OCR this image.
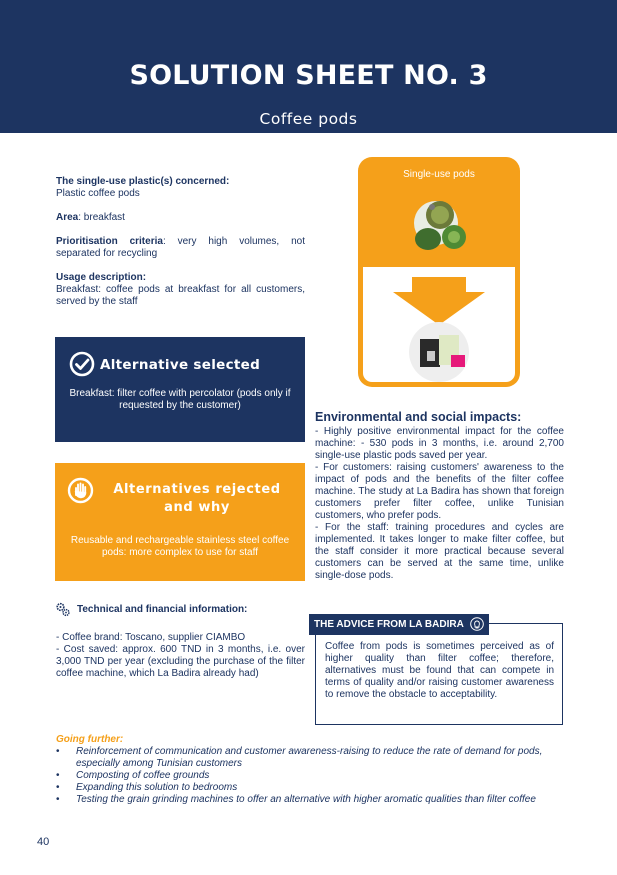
SOLUTION SHEET NO. 3
Coffee pods
The single-use plastic(s) concerned:
Plastic coffee pods
Area: breakfast
Prioritisation criteria: very high volumes, not separated for recycling
Usage description:
Breakfast: coffee pods at breakfast for all customers, served by the staff
Alternative selected
Breakfast: filter coffee with percolator (pods only if requested by the customer)
Alternatives rejected and why
Reusable and rechargeable stainless steel coffee pods: more complex to use for staff
Technical and financial information:
- Coffee brand: Toscano, supplier CIAMBO
- Cost saved: approx. 600 TND in 3 months, i.e. over 3,000 TND per year (excluding the purchase of the filter coffee machine, which La Badira already had)
Single-use pods
Environmental and social impacts:

- Highly positive environmental impact for the coffee machine: - 530 pods in 3 months, i.e. around 2,700 single-use plastic pods saved per year.
- For customers: raising customers' awareness to the impact of pods and the benefits of the filter coffee machine. The study at La Badira has shown that foreign customers prefer filter coffee, unlike Tunisian customers, who prefer pods.
- For the staff: training procedures and cycles are implemented. It takes longer to make filter coffee, but the staff consider it more practical because several customers can be served at the same time, unlike single-dose pods.

Coffee from pods is sometimes perceived as of higher quality than filter coffee; therefore, alternatives must be found that can compete in terms of quality and/or raising customer awareness to remove the obstacle to acceptability.
THE ADVICE FROM LA BADIRA
Going further:
• Reinforcement of communication and customer awareness-raising to reduce the rate of demand for pods, especially among Tunisian customers
• Composting of coffee grounds
• Expanding this solution to bedrooms
• Testing the grain grinding machines to offer an alternative with higher aromatic qualities than filter coffee
40
